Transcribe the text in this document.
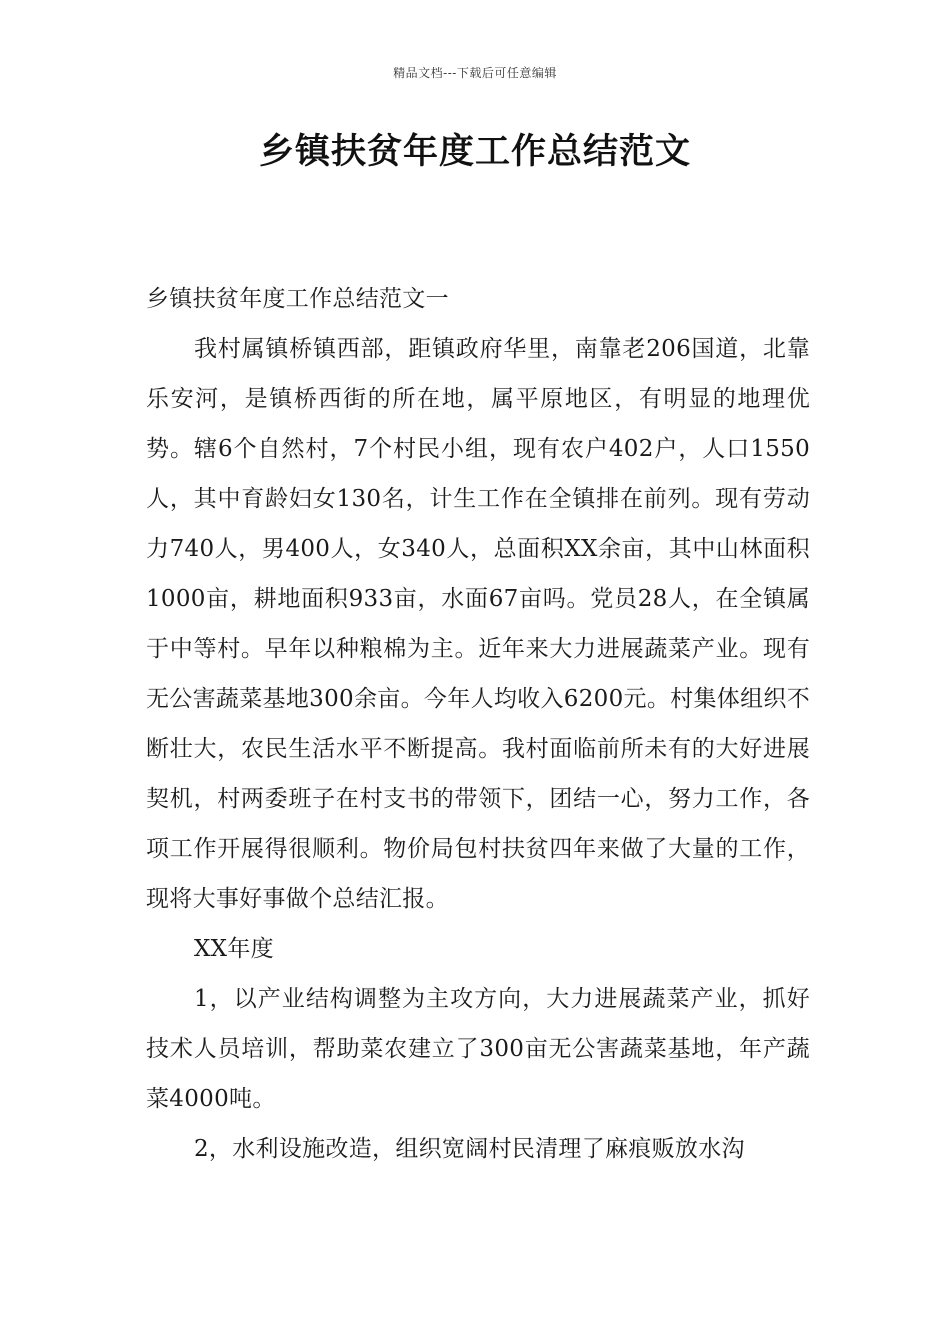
精品文档---下载后可任意编辑
乡镇扶贫年度工作总结范文

乡镇扶贫年度工作总结范文一

我村属镇桥镇西部，距镇政府华里，南靠老206国道，北靠乐安河，是镇桥西街的所在地，属平原地区，有明显的地理优势。辖6个自然村，7个村民小组，现有农户402户，人口1550人，其中育龄妇女130名，计生工作在全镇排在前列。现有劳动力740人，男400人，女340人，总面积XX余亩，其中山林面积1000亩，耕地面积933亩，水面67亩吗。党员28人，在全镇属于中等村。早年以种粮棉为主。近年来大力进展蔬菜产业。现有无公害蔬菜基地300余亩。今年人均收入6200元。村集体组织不断壮大，农民生活水平不断提高。我村面临前所未有的大好进展契机，村两委班子在村支书的带领下，团结一心，努力工作，各项工作开展得很顺利。物价局包村扶贫四年来做了大量的工作，现将大事好事做个总结汇报。

XX年度

1，以产业结构调整为主攻方向，大力进展蔬菜产业，抓好技术人员培训，帮助菜农建立了300亩无公害蔬菜基地，年产蔬菜4000吨。

2，水利设施改造，组织宽阔村民清理了麻痕贩放水沟
